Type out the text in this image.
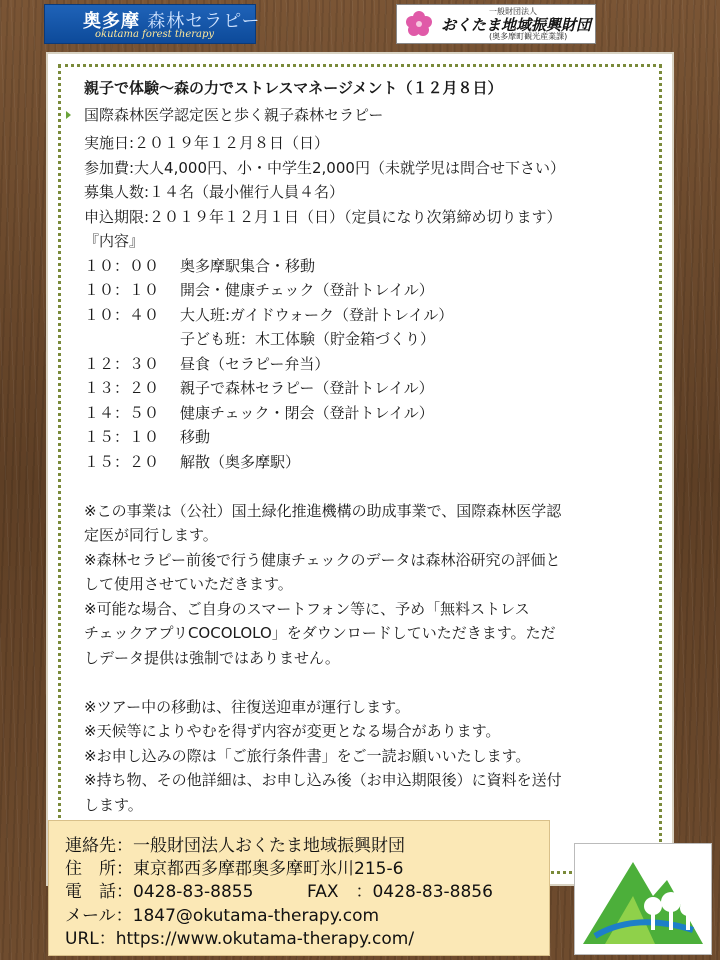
奥多摩 森林セラピー
okutama forest therapy
一般財団法人
おくたま地域振興財団
(奥多摩町観光産業課)
親子で体験〜森の力でストレスマネージメント（１２月８日）
国際森林医学認定医と歩く親子森林セラピー
実施日:２０１９年１２月８日（日）
参加費:大人4,000円、小・中学生2,000円（未就学児は問合せ下さい）
募集人数:１４名（最小催行人員４名）
申込期限:２０１９年１２月１日（日）（定員になり次第締め切ります）
『内容』
１０：００	奥多摩駅集合・移動
１０：１０	開会・健康チェック（登計トレイル）
１０：４０	大人班:ガイドウォーク（登計トレイル）
子ども班：木工体験（貯金箱づくり）
１２：３０	昼食（セラピー弁当）
１３：２０	親子で森林セラピー（登計トレイル）
１４：５０	健康チェック・閉会（登計トレイル）
１５：１０	移動
１５：２０	解散（奥多摩駅）
※この事業は（公社）国土緑化推進機構の助成事業で、国際森林医学認
定医が同行します。
※森林セラピー前後で行う健康チェックのデータは森林浴研究の評価と
して使用させていただきます。
※可能な場合、ご自身のスマートフォン等に、予め「無料ストレス
チェックアプリCOCOLOLO」をダウンロードしていただきます。ただ
しデータ提供は強制ではありません。
※ツアー中の移動は、往復送迎車が運行します。
※天候等によりやむを得ず内容が変更となる場合があります。
※お申し込みの際は「ご旅行条件書」をご一読お願いいたします。
※持ち物、その他詳細は、お申し込み後（お申込期限後）に資料を送付
します。
連絡先：一般財団法人おくたま地域振興財団
住　所：東京都西多摩郡奥多摩町氷川215-6
電　話：0428-83-8855	FAX　：0428-83-8856
メール：1847@okutama-therapy.com
URL：https://www.okutama-therapy.com/
